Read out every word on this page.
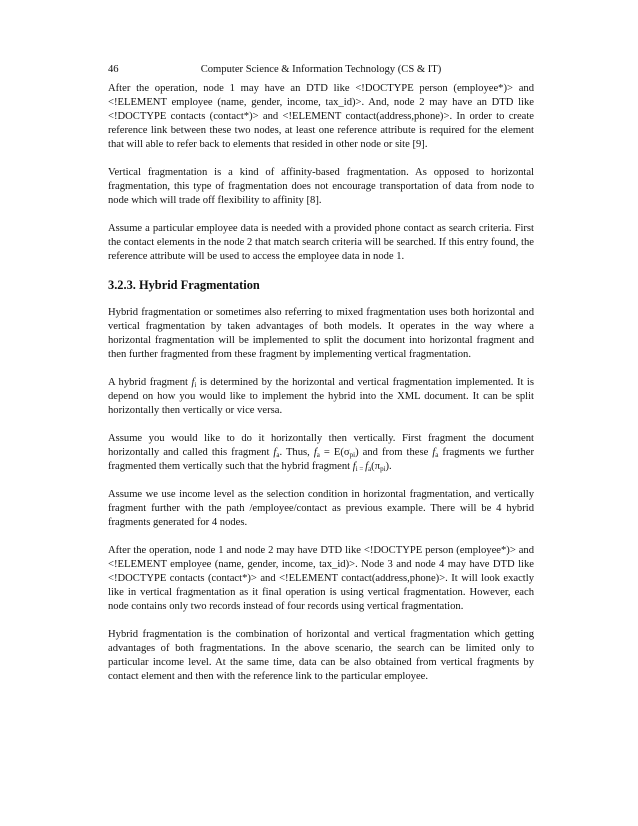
46	Computer Science & Information Technology (CS & IT)

After the operation, node 1 may have an DTD like <!DOCTYPE person (employee*)> and <!ELEMENT employee (name, gender, income, tax_id)>. And, node 2 may have an DTD like <!DOCTYPE contacts (contact*)> and <!ELEMENT contact(address,phone)>. In order to create reference link between these two nodes, at least one reference attribute is required for the element that will able to refer back to elements that resided in other node or site [9].

Vertical fragmentation is a kind of affinity-based fragmentation. As opposed to horizontal fragmentation, this type of fragmentation does not encourage transportation of data from node to node which will trade off flexibility to affinity [8].

Assume a particular employee data is needed with a provided phone contact as search criteria. First the contact elements in the node 2 that match search criteria will be searched. If this entry found, the reference attribute will be used to access the employee data in node 1.

3.2.3. Hybrid Fragmentation

Hybrid fragmentation or sometimes also referring to mixed fragmentation uses both horizontal and vertical fragmentation by taken advantages of both models. It operates in the way where a horizontal fragmentation will be implemented to split the document into horizontal fragment and then further fragmented from these fragment by implementing vertical fragmentation.

A hybrid fragment $f_i$ is determined by the horizontal and vertical fragmentation implemented. It is depend on how you would like to implement the hybrid into the XML document. It can be split horizontally then vertically or vice versa.

Assume you would like to do it horizontally then vertically. First fragment the document horizontally and called this fragment $f_a$. Thus, $f_a = E(\sigma_{pi})$ and from these $f_a$ fragments we further fragmented them vertically such that the hybrid fragment $f_{i =}$ $f_a(\pi_{pi})$.

Assume we use income level as the selection condition in horizontal fragmentation, and vertically fragment further with the path /employee/contact as previous example. There will be 4 hybrid fragments generated for 4 nodes.

After the operation, node 1 and node 2 may have DTD like <!DOCTYPE person (employee*)> and <!ELEMENT employee (name, gender, income, tax_id)>. Node 3 and node 4 may have DTD like <!DOCTYPE contacts (contact*)> and <!ELEMENT contact(address,phone)>. It will look exactly like in vertical fragmentation as it final operation is using vertical fragmentation. However, each node contains only two records instead of four records using vertical fragmentation.

Hybrid fragmentation is the combination of horizontal and vertical fragmentation which getting advantages of both fragmentations. In the above scenario, the search can be limited only to particular income level. At the same time, data can be also obtained from vertical fragments by contact element and then with the reference link to the particular employee.
